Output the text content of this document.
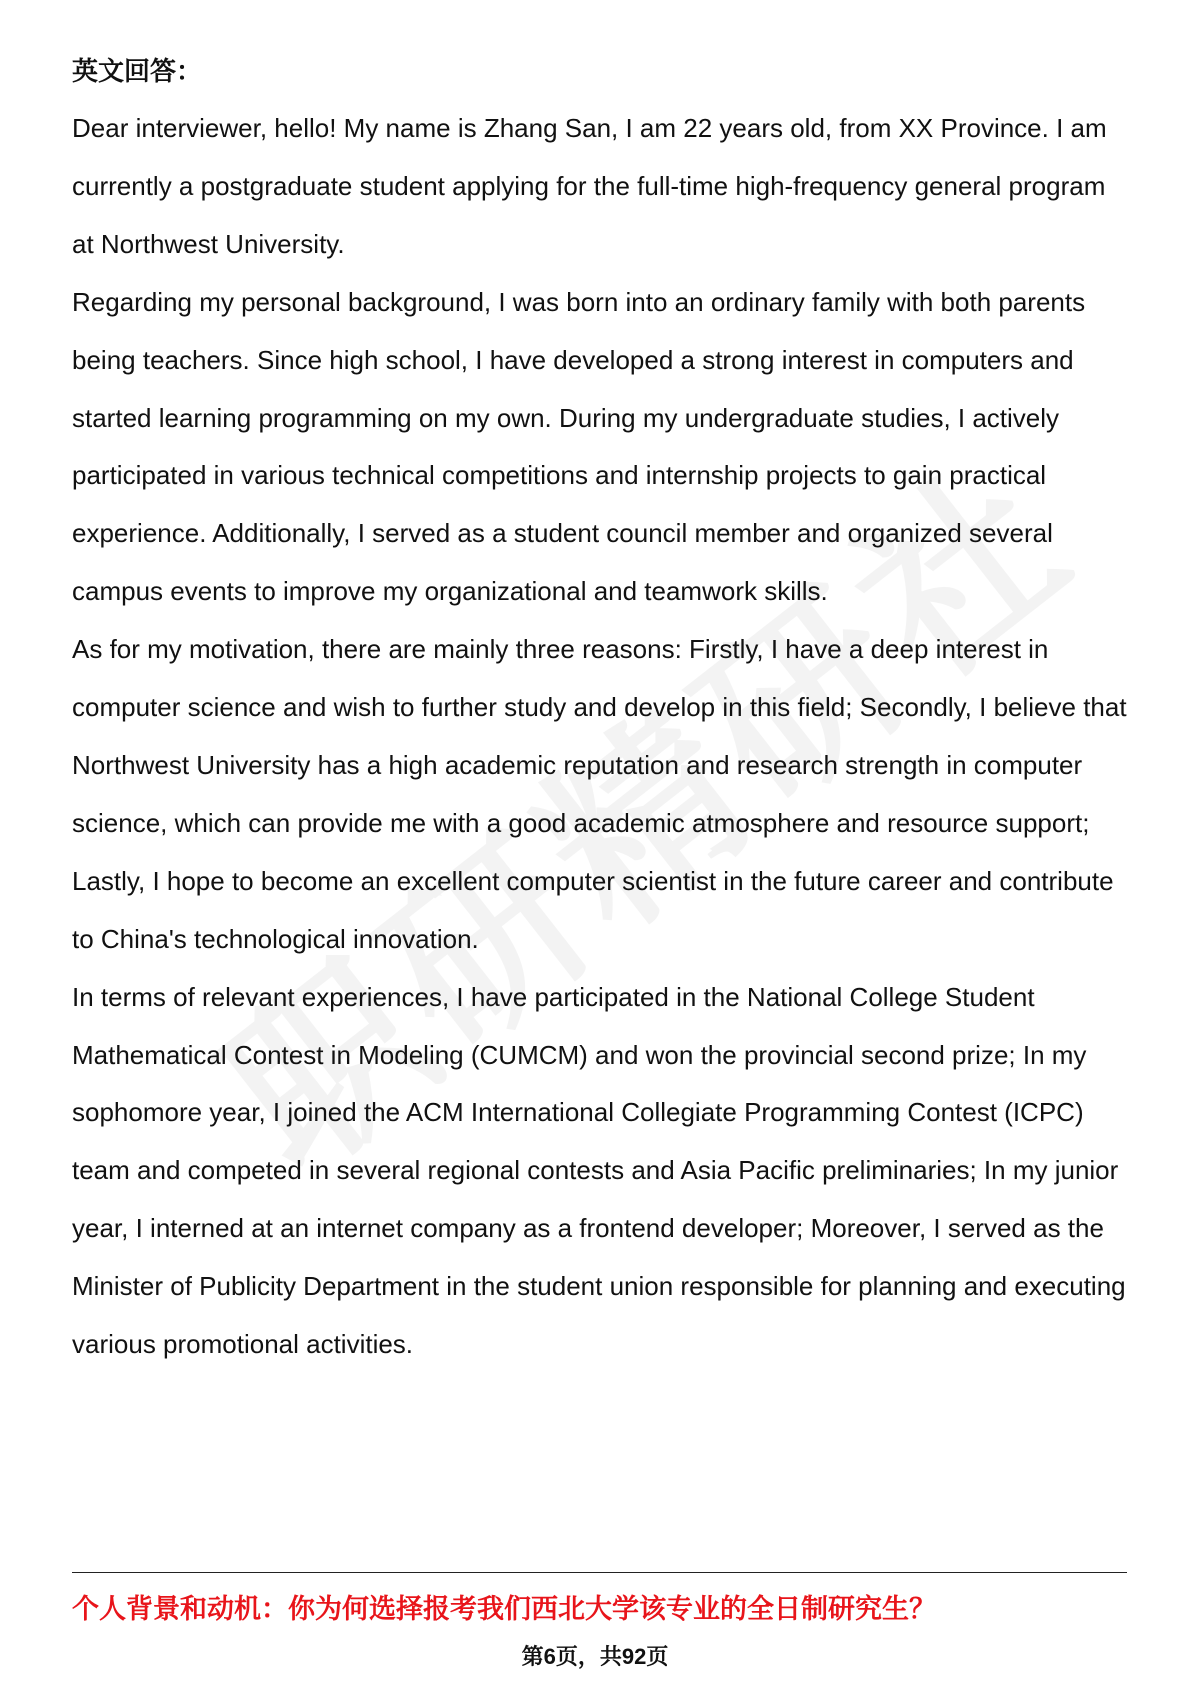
英文回答：

Dear interviewer, hello! My name is Zhang San, I am 22 years old, from XX Province. I am currently a postgraduate student applying for the full-time high-frequency general program at Northwest University.

Regarding my personal background, I was born into an ordinary family with both parents being teachers. Since high school, I have developed a strong interest in computers and started learning programming on my own. During my undergraduate studies, I actively participated in various technical competitions and internship projects to gain practical experience. Additionally, I served as a student council member and organized several campus events to improve my organizational and teamwork skills.

As for my motivation, there are mainly three reasons: Firstly, I have a deep interest in computer science and wish to further study and develop in this field; Secondly, I believe that Northwest University has a high academic reputation and research strength in computer science, which can provide me with a good academic atmosphere and resource support; Lastly, I hope to become an excellent computer scientist in the future career and contribute to China's technological innovation.

In terms of relevant experiences, I have participated in the National College Student Mathematical Contest in Modeling (CUMCM) and won the provincial second prize; In my sophomore year, I joined the ACM International Collegiate Programming Contest (ICPC) team and competed in several regional contests and Asia Pacific preliminaries; In my junior year, I interned at an internet company as a frontend developer; Moreover, I served as the Minister of Publicity Department in the student union responsible for planning and executing various promotional activities.

个人背景和动机：你为何选择报考我们西北大学该专业的全日制研究生？
第6页，共92页
